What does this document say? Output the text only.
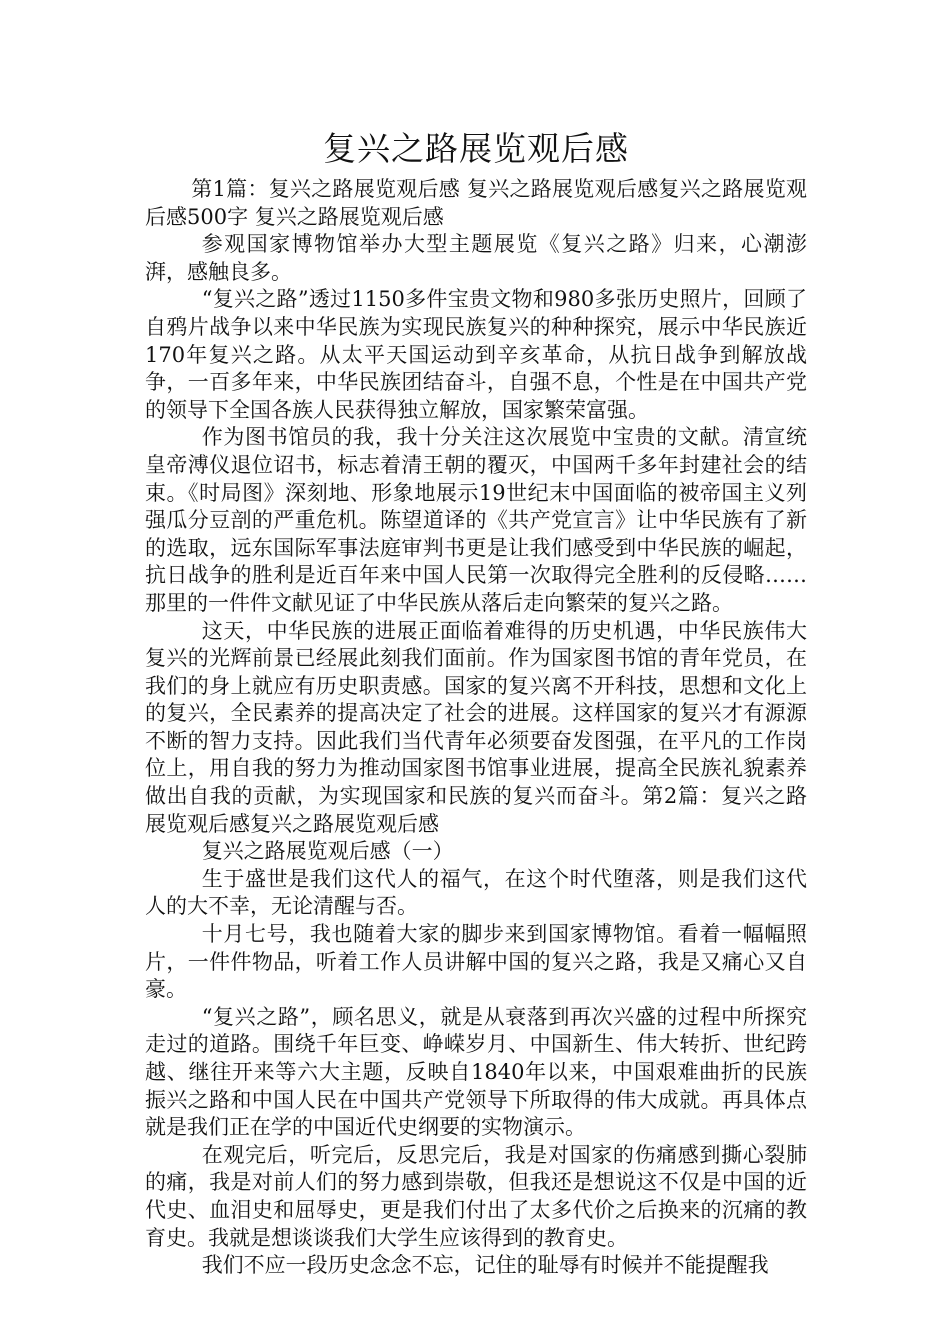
复兴之路展览观后感

第1篇：复兴之路展览观后感 复兴之路展览观后感复兴之路展览观后感500字 复兴之路展览观后感

参观国家博物馆举办大型主题展览《复兴之路》归来，心潮澎湃，感触良多。

“复兴之路”透过1150多件宝贵文物和980多张历史照片，回顾了自鸦片战争以来中华民族为实现民族复兴的种种探究，展示中华民族近170年复兴之路。从太平天国运动到辛亥革命，从抗日战争到解放战争，一百多年来，中华民族团结奋斗，自强不息，个性是在中国共产党的领导下全国各族人民获得独立解放，国家繁荣富强。

作为图书馆员的我，我十分关注这次展览中宝贵的文献。清宣统皇帝溥仪退位诏书，标志着清王朝的覆灭，中国两千多年封建社会的结束。《时局图》深刻地、形象地展示19世纪末中国面临的被帝国主义列强瓜分豆剖的严重危机。陈望道译的《共产党宣言》让中华民族有了新的选取，远东国际军事法庭审判书更是让我们感受到中华民族的崛起，抗日战争的胜利是近百年来中国人民第一次取得完全胜利的反侵略……那里的一件件文献见证了中华民族从落后走向繁荣的复兴之路。

这天，中华民族的进展正面临着难得的历史机遇，中华民族伟大复兴的光辉前景已经展此刻我们面前。作为国家图书馆的青年党员，在我们的身上就应有历史职责感。国家的复兴离不开科技，思想和文化上的复兴，全民素养的提高决定了社会的进展。这样国家的复兴才有源源不断的智力支持。因此我们当代青年必须要奋发图强，在平凡的工作岗位上，用自我的努力为推动国家图书馆事业进展，提高全民族礼貌素养做出自我的贡献，为实现国家和民族的复兴而奋斗。第2篇：复兴之路展览观后感复兴之路展览观后感

复兴之路展览观后感（一）

生于盛世是我们这代人的福气，在这个时代堕落，则是我们这代人的大不幸，无论清醒与否。

十月七号，我也随着大家的脚步来到国家博物馆。看着一幅幅照片，一件件物品，听着工作人员讲解中国的复兴之路，我是又痛心又自豪。

“复兴之路”，顾名思义，就是从衰落到再次兴盛的过程中所探究走过的道路。围绕千年巨变、峥嵘岁月、中国新生、伟大转折、世纪跨越、继往开来等六大主题，反映自1840年以来，中国艰难曲折的民族振兴之路和中国人民在中国共产党领导下所取得的伟大成就。再具体点就是我们正在学的中国近代史纲要的实物演示。

在观完后，听完后，反思完后，我是对国家的伤痛感到撕心裂肺的痛，我是对前人们的努力感到崇敬，但我还是想说这不仅是中国的近代史、血泪史和屈辱史，更是我们付出了太多代价之后换来的沉痛的教育史。我就是想谈谈我们大学生应该得到的教育史。

我们不应一段历史念念不忘，记住的耻辱有时候并不能提醒我
